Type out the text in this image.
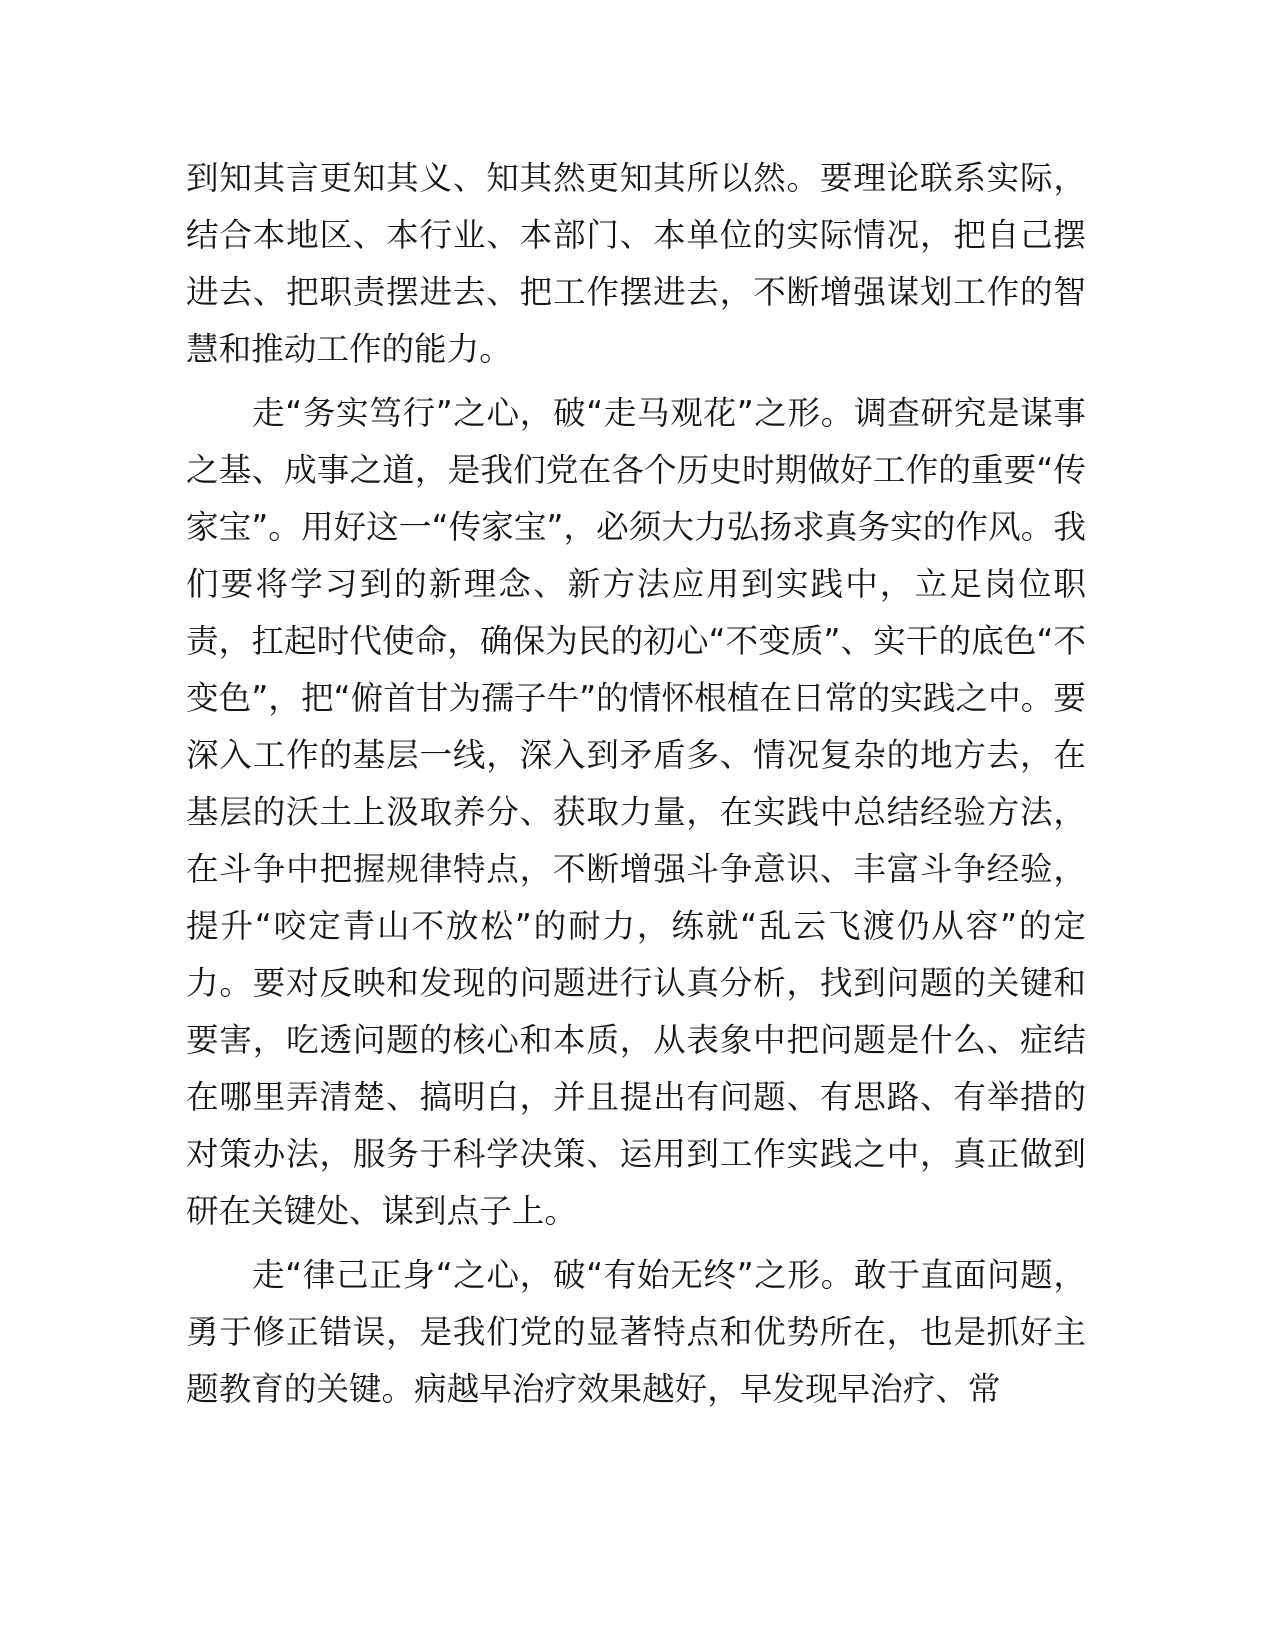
到知其言更知其义、知其然更知其所以然。要理论联系实际，结合本地区、本行业、本部门、本单位的实际情况，把自己摆进去、把职责摆进去、把工作摆进去，不断增强谋划工作的智慧和推动工作的能力。

走“务实笃行”之心，破“走马观花”之形。调查研究是谋事之基、成事之道，是我们党在各个历史时期做好工作的重要“传家宝”。用好这一“传家宝”，必须大力弘扬求真务实的作风。我们要将学习到的新理念、新方法应用到实践中，立足岗位职责，扛起时代使命，确保为民的初心“不变质”、实干的底色“不变色”，把“俯首甘为孺子牛”的情怀根植在日常的实践之中。要深入工作的基层一线，深入到矛盾多、情况复杂的地方去，在基层的沃土上汲取养分、获取力量，在实践中总结经验方法，在斗争中把握规律特点，不断增强斗争意识、丰富斗争经验，提升“咬定青山不放松”的耐力，练就“乱云飞渡仍从容”的定力。要对反映和发现的问题进行认真分析，找到问题的关键和要害，吃透问题的核心和本质，从表象中把问题是什么、症结在哪里弄清楚、搞明白，并且提出有问题、有思路、有举措的对策办法，服务于科学决策、运用到工作实践之中，真正做到研在关键处、谋到点子上。

走“律己正身“之心，破“有始无终”之形。敢于直面问题，勇于修正错误，是我们党的显著特点和优势所在，也是抓好主题教育的关键。病越早治疗效果越好，早发现早治疗、常
